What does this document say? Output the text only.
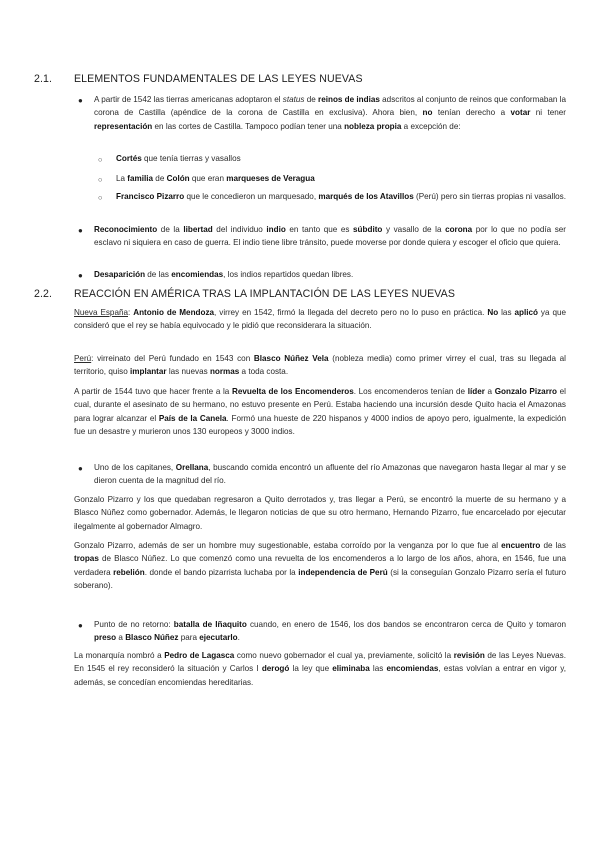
2.1. ELEMENTOS FUNDAMENTALES DE LAS LEYES NUEVAS
● A partir de 1542 las tierras americanas adoptaron el status de reinos de indias adscritos al conjunto de reinos que conformaban la corona de Castilla (apéndice de la corona de Castilla en exclusiva). Ahora bien, no tenían derecho a votar ni tener representación en las cortes de Castilla. Tampoco podían tener una nobleza propia a excepción de:
○ Cortés que tenía tierras y vasallos
○ La familia de Colón que eran marqueses de Veragua
○ Francisco Pizarro que le concedieron un marquesado, marqués de los Atavillos (Perú) pero sin tierras propias ni vasallos.
● Reconocimiento de la libertad del individuo indio en tanto que es súbdito y vasallo de la corona por lo que no podía ser esclavo ni siquiera en caso de guerra. El indio tiene libre tránsito, puede moverse por donde quiera y escoger el oficio que quiera.
● Desaparición de las encomiendas, los indios repartidos quedan libres.
2.2. REACCIÓN EN AMÉRICA TRAS LA IMPLANTACIÓN DE LAS LEYES NUEVAS
Nueva España: Antonio de Mendoza, virrey en 1542, firmó la llegada del decreto pero no lo puso en práctica. No las aplicó ya que consideró que el rey se había equivocado y le pidió que reconsiderara la situación.
Perú: virreinato del Perú fundado en 1543 con Blasco Núñez Vela (nobleza media) como primer virrey el cual, tras su llegada al territorio, quiso implantar las nuevas normas a toda costa.
A partir de 1544 tuvo que hacer frente a la Revuelta de los Encomenderos. Los encomenderos tenían de líder a Gonzalo Pizarro el cual, durante el asesinato de su hermano, no estuvo presente en Perú. Estaba haciendo una incursión desde Quito hacia el Amazonas para lograr alcanzar el País de la Canela. Formó una hueste de 220 hispanos y 4000 indios de apoyo pero, igualmente, la expedición fue un desastre y murieron unos 130 europeos y 3000 indios.
● Uno de los capitanes, Orellana, buscando comida encontró un afluente del río Amazonas que navegaron hasta llegar al mar y se dieron cuenta de la magnitud del río.
Gonzalo Pizarro y los que quedaban regresaron a Quito derrotados y, tras llegar a Perú, se encontró la muerte de su hermano y a Blasco Núñez como gobernador. Además, le llegaron noticias de que su otro hermano, Hernando Pizarro, fue encarcelado por ejecutar ilegalmente al gobernador Almagro.
Gonzalo Pizarro, además de ser un hombre muy sugestionable, estaba corroído por la venganza por lo que fue al encuentro de las tropas de Blasco Núñez. Lo que comenzó como una revuelta de los encomenderos a lo largo de los años, ahora, en 1546, fue una verdadera rebelión. donde el bando pizarrista luchaba por la independencia de Perú (si la conseguían Gonzalo Pizarro sería el futuro soberano).
● Punto de no retorno: batalla de Iñaquito cuando, en enero de 1546, los dos bandos se encontraron cerca de Quito y tomaron preso a Blasco Núñez para ejecutarlo.
La monarquía nombró a Pedro de Lagasca como nuevo gobernador el cual ya, previamente, solicitó la revisión de las Leyes Nuevas. En 1545 el rey reconsideró la situación y Carlos I derogó la ley que eliminaba las encomiendas, estas volvían a entrar en vigor y, además, se concedían encomiendas hereditarias.
